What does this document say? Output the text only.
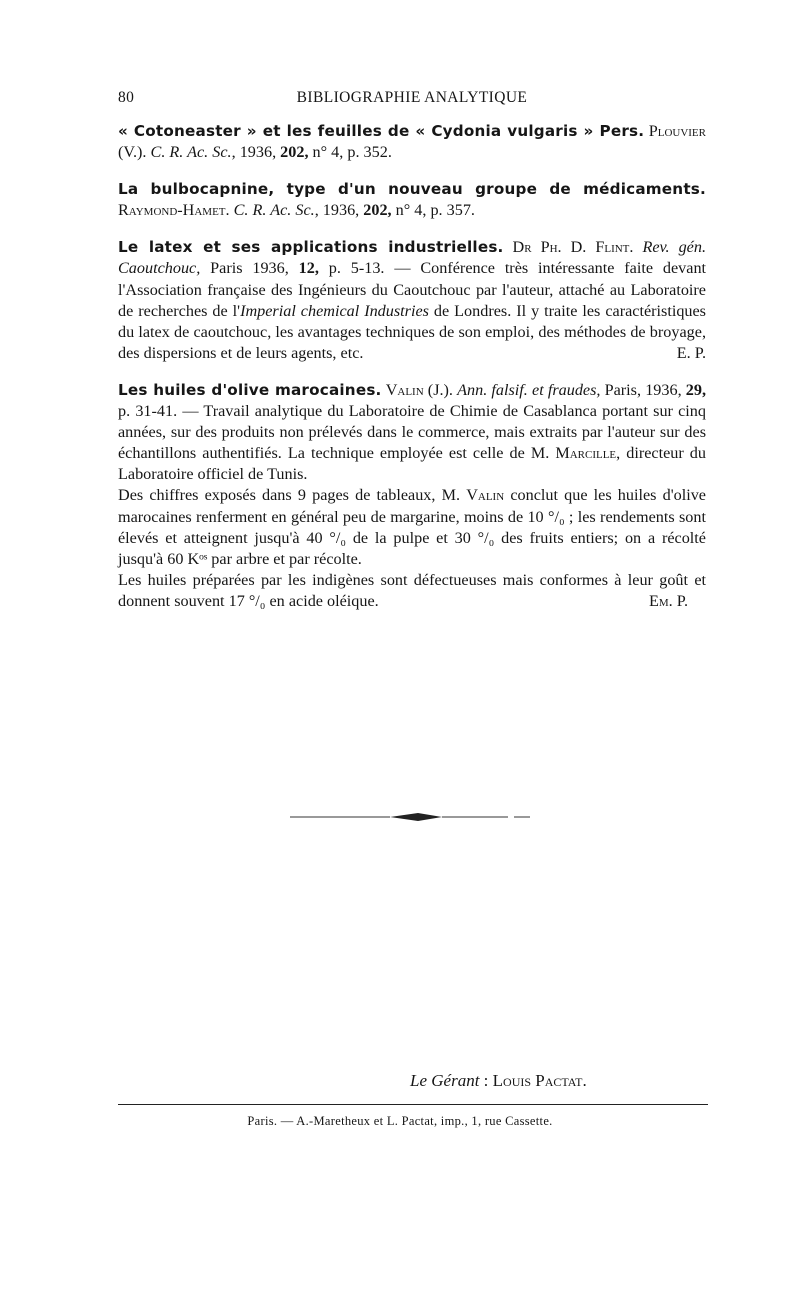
80	BIBLIOGRAPHIE ANALYTIQUE
« Cotoneaster » et les feuilles de « Cydonia vulgaris » Pers. Plouvier (V.). C. R. Ac. Sc., 1936, 202, n° 4, p. 352.
La bulbocapnine, type d'un nouveau groupe de médicaments. Raymond-Hamet. C. R. Ac. Sc., 1936, 202, n° 4, p. 357.
Le latex et ses applications industrielles. Dr Ph. D. Flint. Rev. gén. Caoutchouc, Paris 1936, 12, p. 5-13. — Conférence très intéressante faite devant l'Association française des Ingénieurs du Caoutchouc par l'auteur, attaché au Laboratoire de recherches de l'Imperial chemical Industries de Londres. Il y traite les caractéristiques du latex de caoutchouc, les avantages techniques de son emploi, des méthodes de broyage, des dispersions et de leurs agents, etc.	E. P.
Les huiles d'olive marocaines. Valin (J.). Ann. falsif. et fraudes, Paris, 1936, 29, p. 31-41. — Travail analytique du Laboratoire de Chimie de Casablanca portant sur cinq années, sur des produits non prélevés dans le commerce, mais extraits par l'auteur sur des échantillons authentifiés. La technique employée est celle de M. Marcille, directeur du Laboratoire officiel de Tunis.
Des chiffres exposés dans 9 pages de tableaux, M. Valin conclut que les huiles d'olive marocaines renferment en général peu de margarine, moins de 10 °/₀ ; les rendements sont élevés et atteignent jusqu'à 40 °/₀ de la pulpe et 30 °/₀ des fruits entiers; on a récolté jusqu'à 60 Kᵒˢ par arbre et par récolte.
Les huiles préparées par les indigènes sont défectueuses mais conformes à leur goût et donnent souvent 17 °/₀ en acide oléique.	Em. P.
Le Gérant : Louis Pactat.
Paris. — A.-Maretheux et L. Pactat, imp., 1, rue Cassette.
